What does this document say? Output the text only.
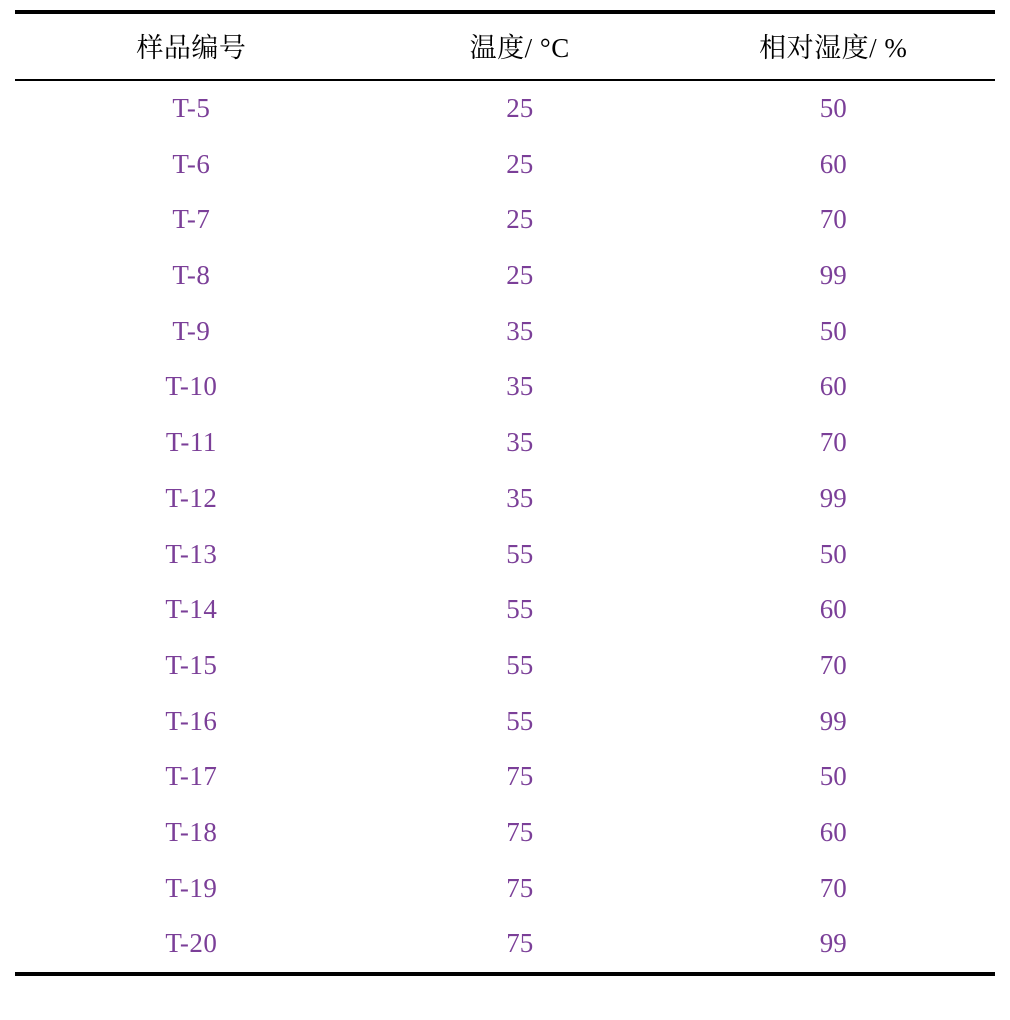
样品编号	温度/ °C	相对湿度/ %
T-5	25	50
T-6	25	60
T-7	25	70
T-8	25	99
T-9	35	50
T-10	35	60
T-11	35	70
T-12	35	99
T-13	55	50
T-14	55	60
T-15	55	70
T-16	55	99
T-17	75	50
T-18	75	60
T-19	75	70
T-20	75	99
